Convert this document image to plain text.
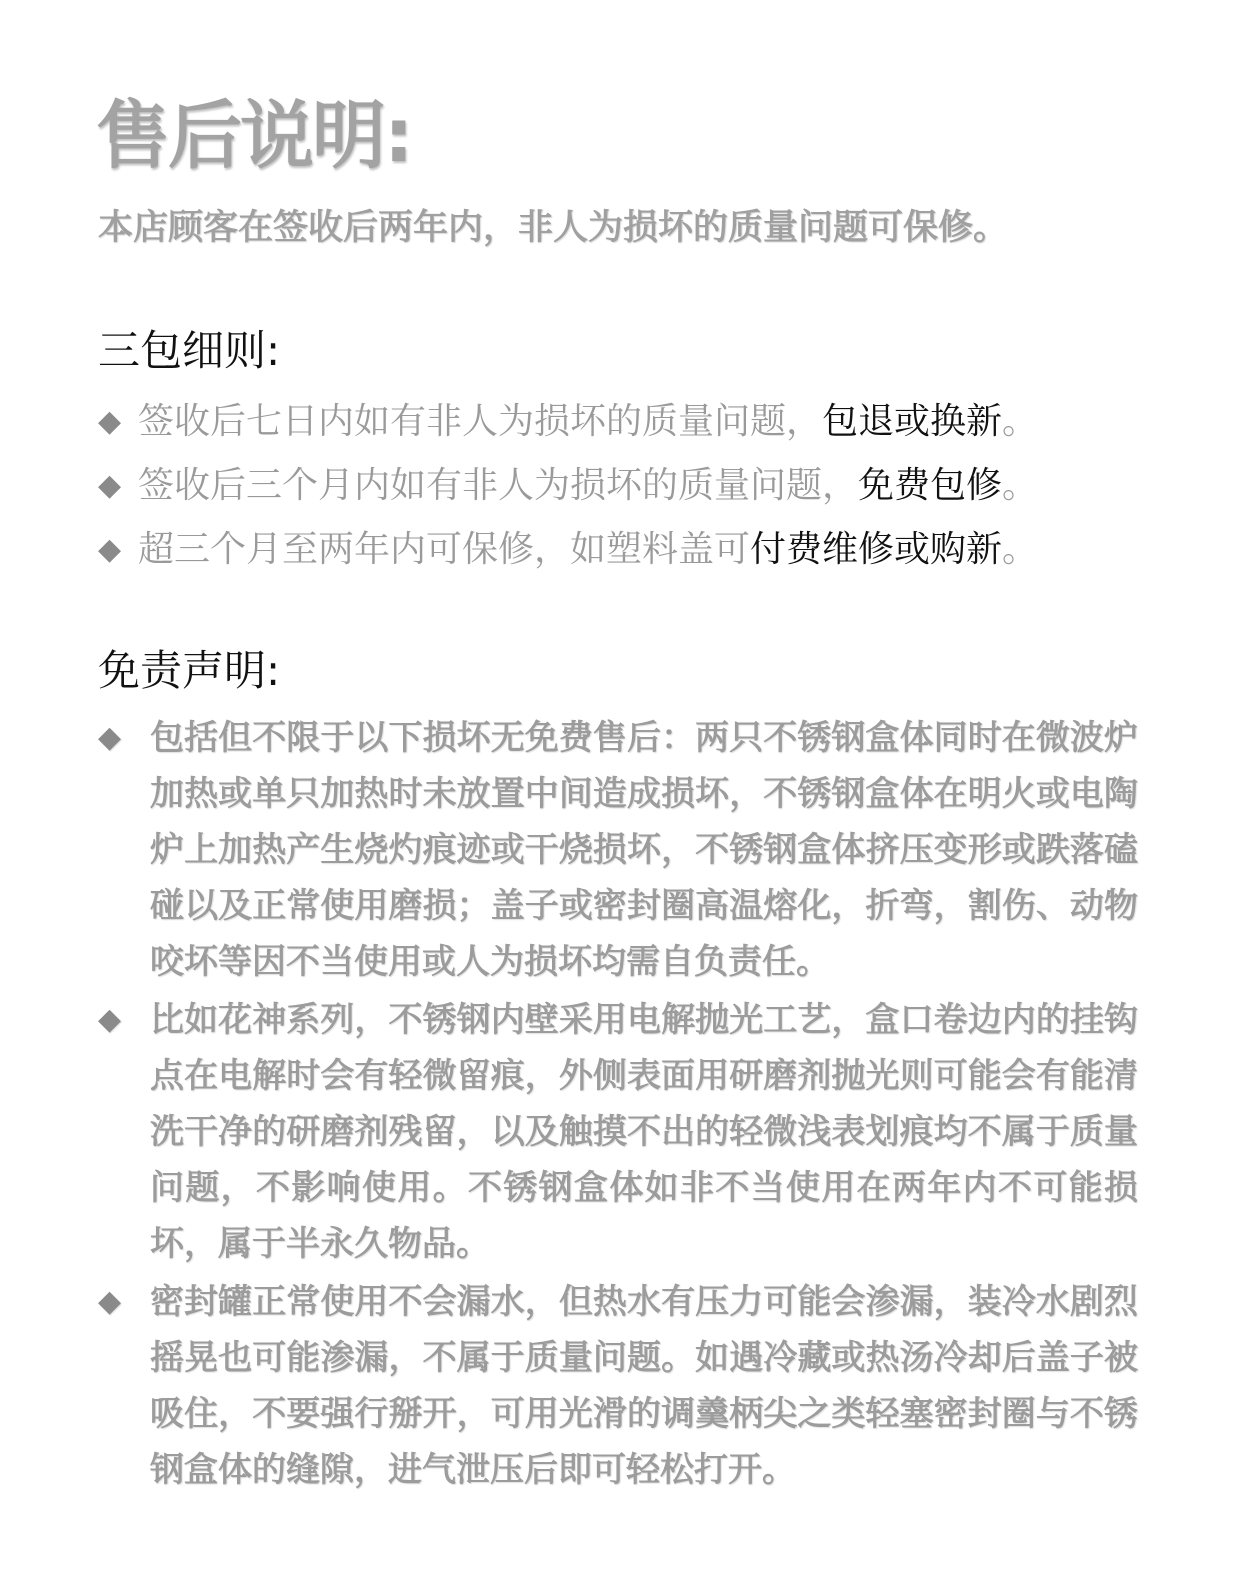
售后说明:
本店顾客在签收后两年内，非人为损坏的质量问题可保修。
三包细则:
◆ 签收后七日内如有非人为损坏的质量问题，包退或换新。
◆ 签收后三个月内如有非人为损坏的质量问题，免费包修。
◆ 超三个月至两年内可保修，如塑料盖可付费维修或购新。
免责声明:
◆ 包括但不限于以下损坏无免费售后：两只不锈钢盒体同时在微波炉加热或单只加热时未放置中间造成损坏，不锈钢盒体在明火或电陶炉上加热产生烧灼痕迹或干烧损坏，不锈钢盒体挤压变形或跌落磕碰以及正常使用磨损；盖子或密封圈高温熔化，折弯，割伤、动物咬坏等因不当使用或人为损坏均需自负责任。
◆ 比如花神系列，不锈钢内壁采用电解抛光工艺，盒口卷边内的挂钩点在电解时会有轻微留痕，外侧表面用研磨剂抛光则可能会有能清洗干净的研磨剂残留，以及触摸不出的轻微浅表划痕均不属于质量问题，不影响使用。不锈钢盒体如非不当使用在两年内不可能损坏，属于半永久物品。
◆ 密封罐正常使用不会漏水，但热水有压力可能会渗漏，装冷水剧烈摇晃也可能渗漏，不属于质量问题。如遇冷藏或热汤冷却后盖子被吸住，不要强行掰开，可用光滑的调羹柄尖之类轻塞密封圈与不锈钢盒体的缝隙，进气泄压后即可轻松打开。
